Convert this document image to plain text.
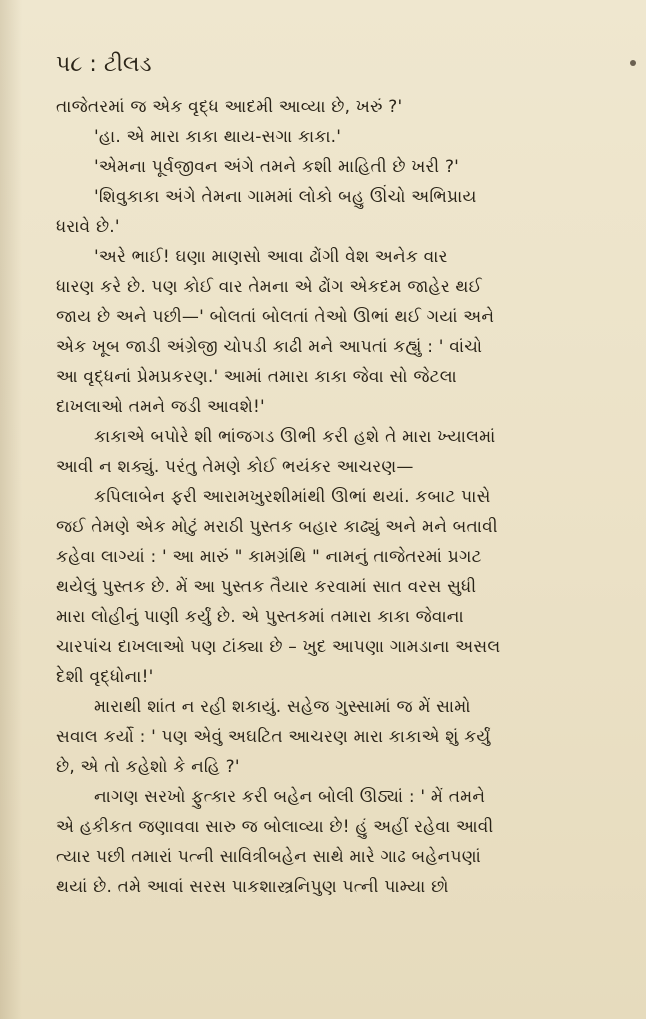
પ૮ : ટીલડ
તાજેતરમાં જ એક વૃદ્ધ આદમી આવ્યા છે, ખરું ?'
'હા. એ મારા કાકા થાય-સગા કાકા.'
'એમના પૂર્વજીવન અંગે તમને કશી માહિતી છે ખરી ?'
'શિવુકાકા અંગે તેમના ગામમાં લોકો બહુ ઊંચો અભિપ્રાય
ધરાવે છે.'
'અરે ભાઈ! ઘણા માણસો આવા ઢોંગી વેશ અનેક વાર
ધારણ કરે છે. પણ કોઈ વાર તેમના એ ઢોંગ એકદમ જાહેર થઈ
જાય છે અને પછી—' બોલતાં બોલતાં તેઓ ઊભાં થઈ ગયાં અને
એક ખૂબ જાડી અંગ્રેજી ચોપડી કાઢી મને આપતાં કહ્યું : ' વાંચો
આ વૃદ્ધનાં પ્રેમપ્રકરણ.' આમાં તમારા કાકા જેવા સો જેટલા
દાખલાઓ તમને જડી આવશે!'
કાકાએ બપોરે શી ભાંજગડ ઊભી કરી હશે તે મારા ખ્યાલમાં
આવી ન શક્યું. પરંતુ તેમણે કોઈ ભયંકર આચરણ—
કપિલાબેન ફરી આરામખુરશીમાંથી ઊભાં થયાં. કબાટ પાસે
જઈ તેમણે એક મોટું મરાઠી પુસ્તક બહાર કાઢ્યું અને મને બતાવી
કહેવા લાગ્યાં : ' આ મારું " કામગ્રંથિ " નામનું તાજેતરમાં પ્રગટ
થયેલું પુસ્તક છે. મેં આ પુસ્તક તૈયાર કરવામાં સાત વરસ સુધી
મારા લોહીનું પાણી કર્યું છે. એ પુસ્તકમાં તમારા કાકા જેવાના
ચારપાંચ દાખલાઓ પણ ટાંક્યા છે – ખુદ આપણા ગામડાના અસલ
દેશી વૃદ્ધોના!'
મારાથી શાંત ન રહી શકાયું. સહેજ ગુસ્સામાં જ મેં સામો
સવાલ કર્યો : ' પણ એવું અઘટિત આચરણ મારા કાકાએ શું કર્યું
છે, એ તો કહેશો કે નહિ ?'
નાગણ સરખો ફુત્કાર કરી બહેન બોલી ઊઠ્યાં : ' મેં તમને
એ હકીકત જણાવવા સારુ જ બોલાવ્યા છે! હું અહીં રહેવા આવી
ત્યાર પછી તમારાં પત્ની સાવિત્રીબહેન સાથે મારે ગાઢ બહેનપણાં
થયાં છે. તમે આવાં સરસ પાકશાસ્ત્રનિપુણ પત્ની પામ્યા છો
